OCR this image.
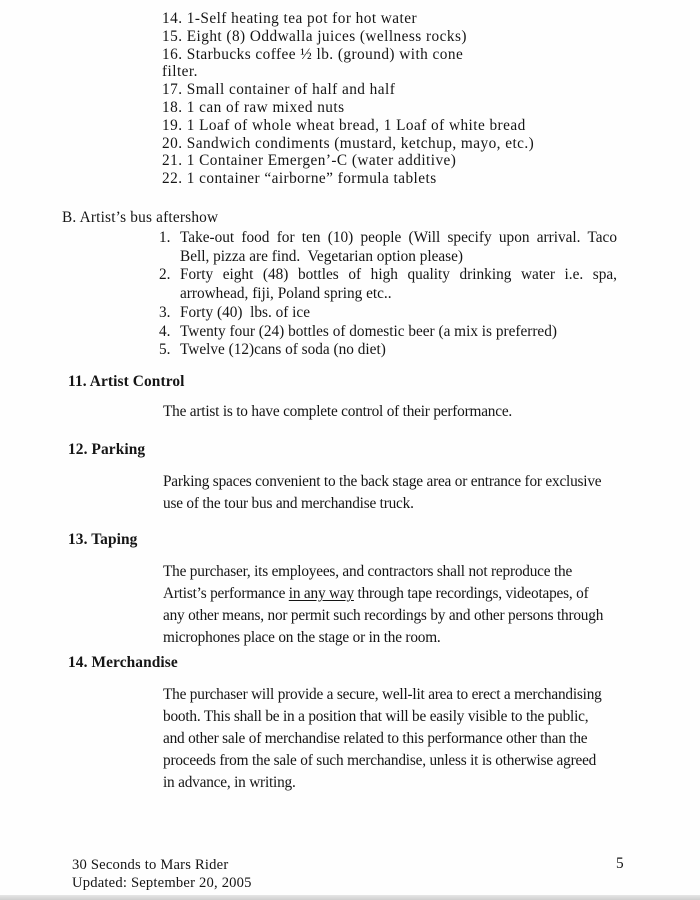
14. 1-Self heating tea pot for hot water
15. Eight (8) Oddwalla juices (wellness rocks)
16. Starbucks coffee ½ lb. (ground) with cone
filter.
17. Small container of half and half
18. 1 can of raw mixed nuts
19. 1 Loaf of whole wheat bread, 1 Loaf of white bread
20. Sandwich condiments (mustard, ketchup, mayo, etc.)
21. 1 Container Emergen’-C (water additive)
22. 1 container “airborne” formula tablets
B. Artist’s bus aftershow
1. Take-out food for ten (10) people (Will specify upon arrival. Taco
Bell, pizza are find.  Vegetarian option please)
2. Forty eight (48) bottles of high quality drinking water i.e. spa,
arrowhead, fiji, Poland spring etc..
3. Forty (40)  lbs. of ice
4. Twenty four (24) bottles of domestic beer (a mix is preferred)
5. Twelve (12)cans of soda (no diet)
11. Artist Control
The artist is to have complete control of their performance.
12. Parking
Parking spaces convenient to the back stage area or entrance for exclusive
use of the tour bus and merchandise truck.
13. Taping
The purchaser, its employees, and contractors shall not reproduce the
Artist’s performance in any way through tape recordings, videotapes, of
any other means, nor permit such recordings by and other persons through
microphones place on the stage or in the room.
14. Merchandise
The purchaser will provide a secure, well-lit area to erect a merchandising
booth. This shall be in a position that will be easily visible to the public,
and other sale of merchandise related to this performance other than the
proceeds from the sale of such merchandise, unless it is otherwise agreed
in advance, in writing.
30 Seconds to Mars Rider
Updated: September 20, 2005
5
